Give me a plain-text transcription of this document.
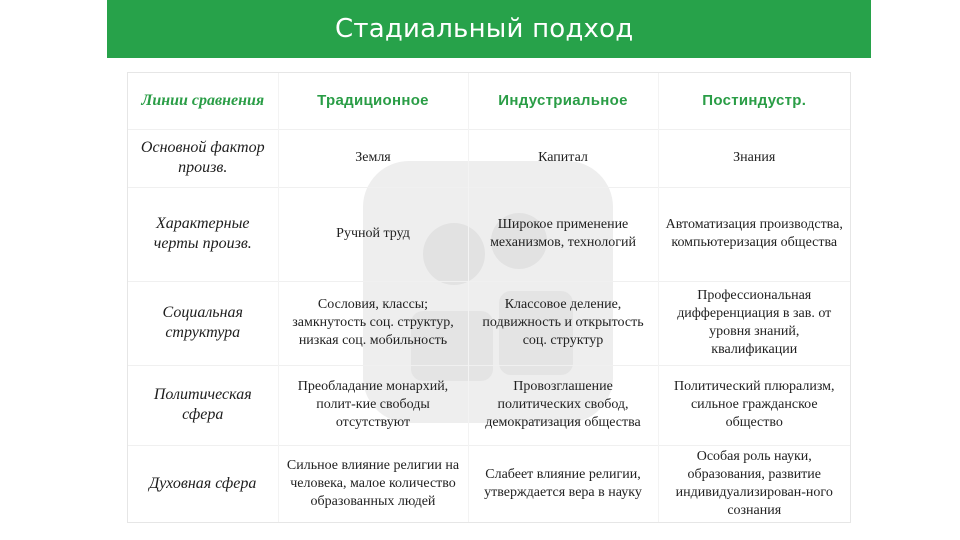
Стадиальный подход
Линии сравнения	Традиционное	Индустриальное	Постиндустр.
Основной фактор произв.	Земля	Капитал	Знания
Характерные черты произв.	Ручной труд	Широкое применение механизмов, технологий	Автоматизация производства, компьютеризация общества
Социальная структура	Сословия, классы; замкнутость соц. структур, низкая соц. мобильность	Классовое деление, подвижность и открытость соц. структур	Профессиональная дифференциация в зав. от уровня знаний, квалификации
Политическая сфера	Преобладание монархий, полит-кие свободы отсутствуют	Провозглашение политических свобод, демократизация общества	Политический плюрализм, сильное гражданское общество
Духовная сфера	Сильное влияние религии на человека, малое количество образованных людей	Слабеет влияние религии, утверждается вера в науку	Особая роль науки, образования, развитие индивидуализирован-ного сознания
